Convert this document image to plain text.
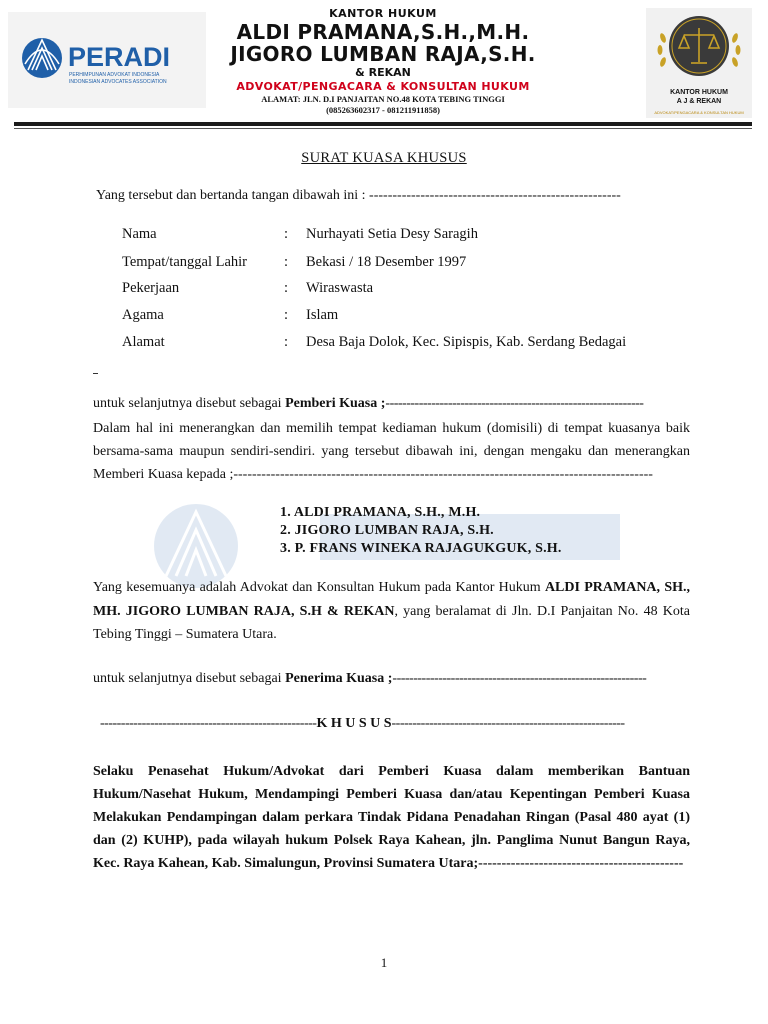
PERADI
PERHIMPUNAN ADVOKAT INDONESIA
INDONESIAN ADVOCATES ASSOCIATION
KANTOR HUKUM
ALDI PRAMANA,S.H.,M.H.
JIGORO LUMBAN RAJA,S.H.
& REKAN
ADVOKAT/PENGACARA & KONSULTAN HUKUM
ALAMAT: JLN. D.I PANJAITAN NO.48 KOTA TEBING TINGGI
(085263602317 - 081211911858)
KANTOR HUKUM
A J & REKAN
ADVOKAT/PENGACARA & KONSULTAN HUKUM
SURAT KUASA KHUSUS
Yang tersebut dan bertanda tangan dibawah ini : ------------------------------------------------------
Nama	: Nurhayati Setia Desy Saragih
Tempat/tanggal Lahir	: Bekasi / 18 Desember 1997
Pekerjaan	: Wiraswasta
Agama	: Islam
Alamat	: Desa Baja Dolok, Kec. Sipispis, Kab. Serdang Bedagai
untuk selanjutnya disebut sebagai Pemberi Kuasa ;--------------------------------------------------------------
Dalam hal ini menerangkan dan memilih tempat kediaman hukum (domisili) di tempat kuasanya baik bersama-sama maupun sendiri-sendiri. yang tersebut dibawah ini, dengan mengaku dan menerangkan Memberi Kuasa kepada ;------------------------------------------------------------------------------------------
1. ALDI PRAMANA, S.H., M.H.
2. JIGORO LUMBAN RAJA, S.H.
3. P. FRANS WINEKA RAJAGUKGUK, S.H.
Yang kesemuanya adalah Advokat dan Konsultan Hukum pada Kantor Hukum ALDI PRAMANA, SH., MH. JIGORO LUMBAN RAJA, S.H & REKAN, yang beralamat di Jln. D.I Panjaitan No. 48 Kota Tebing Tinggi – Sumatera Utara.
untuk selanjutnya disebut sebagai Penerima Kuasa ;-------------------------------------------------------------
----------------------------------------------------K H U S U S--------------------------------------------------------
Selaku Penasehat Hukum/Advokat dari Pemberi Kuasa dalam memberikan Bantuan Hukum/Nasehat Hukum, Mendampingi Pemberi Kuasa dan/atau Kepentingan Pemberi Kuasa Melakukan Pendampingan dalam perkara Tindak Pidana Penadahan Ringan (Pasal 480 ayat (1) dan (2) KUHP), pada wilayah hukum Polsek Raya Kahean, jln. Panglima Nunut Bangun Raya, Kec. Raya Kahean, Kab. Simalungun, Provinsi Sumatera Utara;--------------------------------------------
1
